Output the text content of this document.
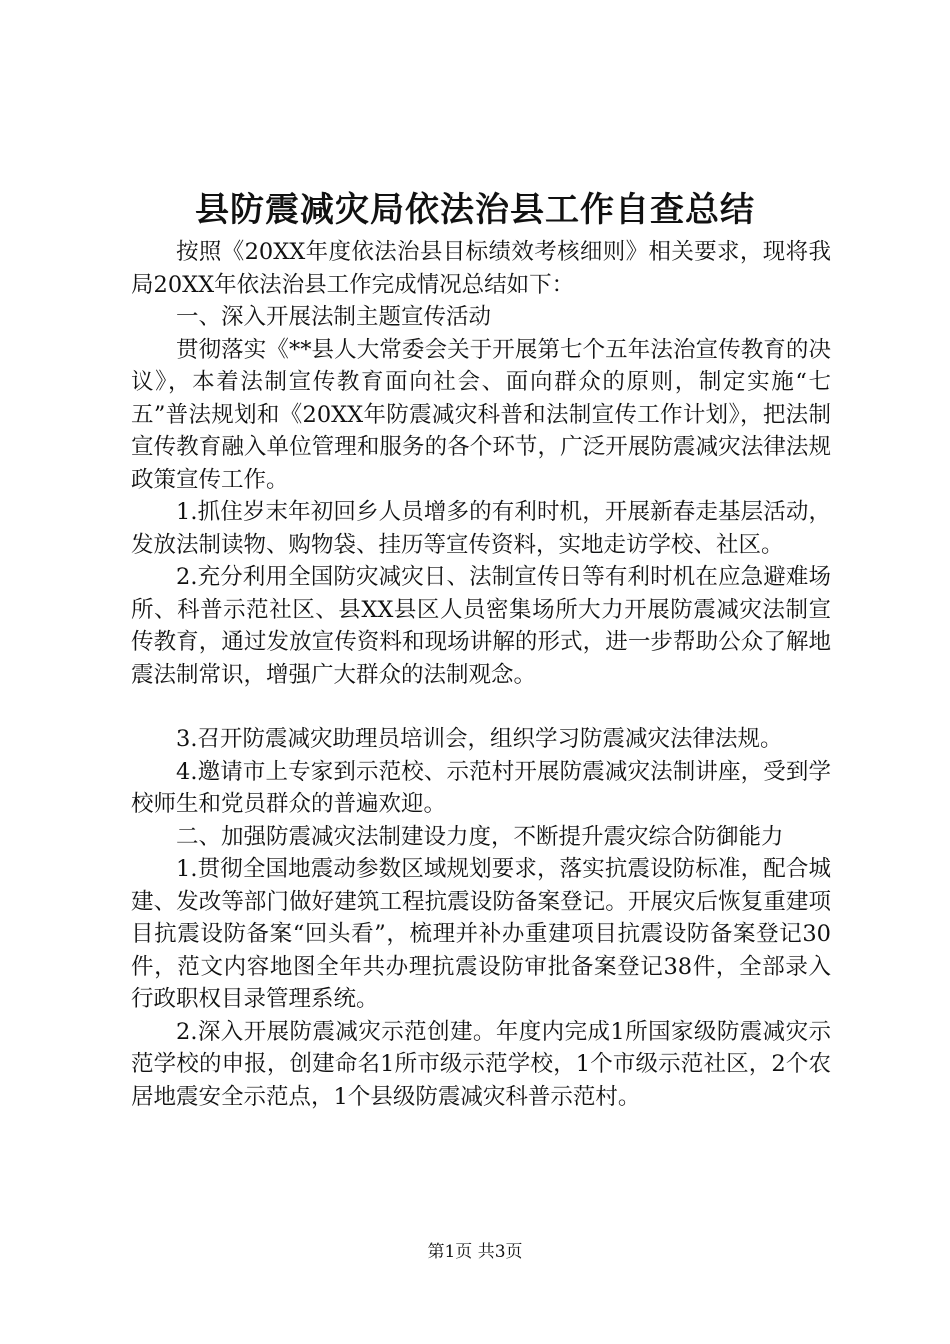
县防震减灾局依法治县工作自查总结

按照《20XX年度依法治县目标绩效考核细则》相关要求，现将我局20XX年依法治县工作完成情况总结如下：

一、深入开展法制主题宣传活动

贯彻落实《**县人大常委会关于开展第七个五年法治宣传教育的决议》，本着法制宣传教育面向社会、面向群众的原则，制定实施“七五”普法规划和《20XX年防震减灾科普和法制宣传工作计划》，把法制宣传教育融入单位管理和服务的各个环节，广泛开展防震减灾法律法规政策宣传工作。

1.抓住岁末年初回乡人员增多的有利时机，开展新春走基层活动，发放法制读物、购物袋、挂历等宣传资料，实地走访学校、社区。

2.充分利用全国防灾减灾日、法制宣传日等有利时机在应急避难场所、科普示范社区、县XX县区人员密集场所大力开展防震减灾法制宣传教育，通过发放宣传资料和现场讲解的形式，进一步帮助公众了解地震法制常识，增强广大群众的法制观念。

3.召开防震减灾助理员培训会，组织学习防震减灾法律法规。

4.邀请市上专家到示范校、示范村开展防震减灾法制讲座，受到学校师生和党员群众的普遍欢迎。

二、加强防震减灾法制建设力度，不断提升震灾综合防御能力

1.贯彻全国地震动参数区域规划要求，落实抗震设防标准，配合城建、发改等部门做好建筑工程抗震设防备案登记。开展灾后恢复重建项目抗震设防备案“回头看”，梳理并补办重建项目抗震设防备案登记30件，范文内容地图全年共办理抗震设防审批备案登记38件，全部录入行政职权目录管理系统。

2.深入开展防震减灾示范创建。年度内完成1所国家级防震减灾示范学校的申报，创建命名1所市级示范学校，1个市级示范社区，2个农居地震安全示范点，1个县级防震减灾科普示范村。

第1页 共3页
